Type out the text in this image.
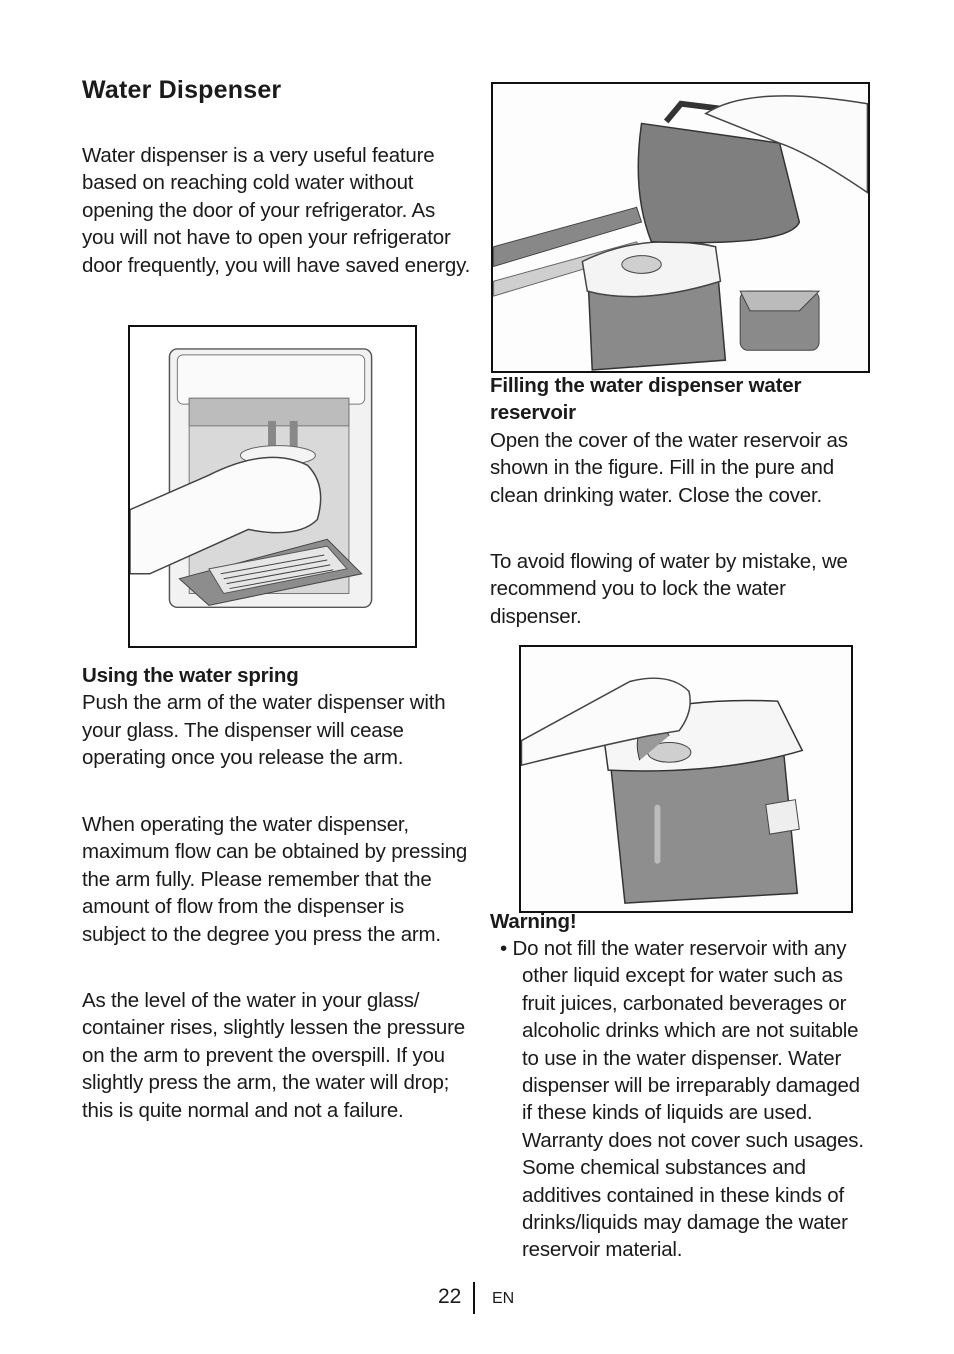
Water Dispenser

Water dispenser is a very useful feature based on reaching cold water without opening the door of your refrigerator. As you will not have to open your refrigerator door frequently, you will have saved energy.

Using the water spring
Push the arm of the water dispenser with your glass. The dispenser will cease operating once you release the arm.

When operating the water dispenser, maximum flow can be obtained by pressing the arm fully. Please remember that the amount of flow from the dispenser is subject to the degree you press the arm.

As the level of the water in your glass/ container rises, slightly lessen the pressure on the arm to prevent the overspill. If you slightly press the arm, the water will drop; this is quite normal and not a failure.

Filling the water dispenser water reservoir
Open the cover of the water reservoir as shown in the figure. Fill in the pure and clean drinking water. Close the cover.

To avoid flowing of water by mistake, we recommend you to lock the water dispenser.

Warning!

• Do not fill the water reservoir with any other liquid except for water such as fruit juices, carbonated beverages or alcoholic drinks which are not suitable to use in the water dispenser. Water dispenser will be irreparably damaged if these kinds of liquids are used. Warranty does not cover such usages. Some chemical substances and additives contained in these kinds of drinks/liquids may damage the water reservoir material.
22 EN
